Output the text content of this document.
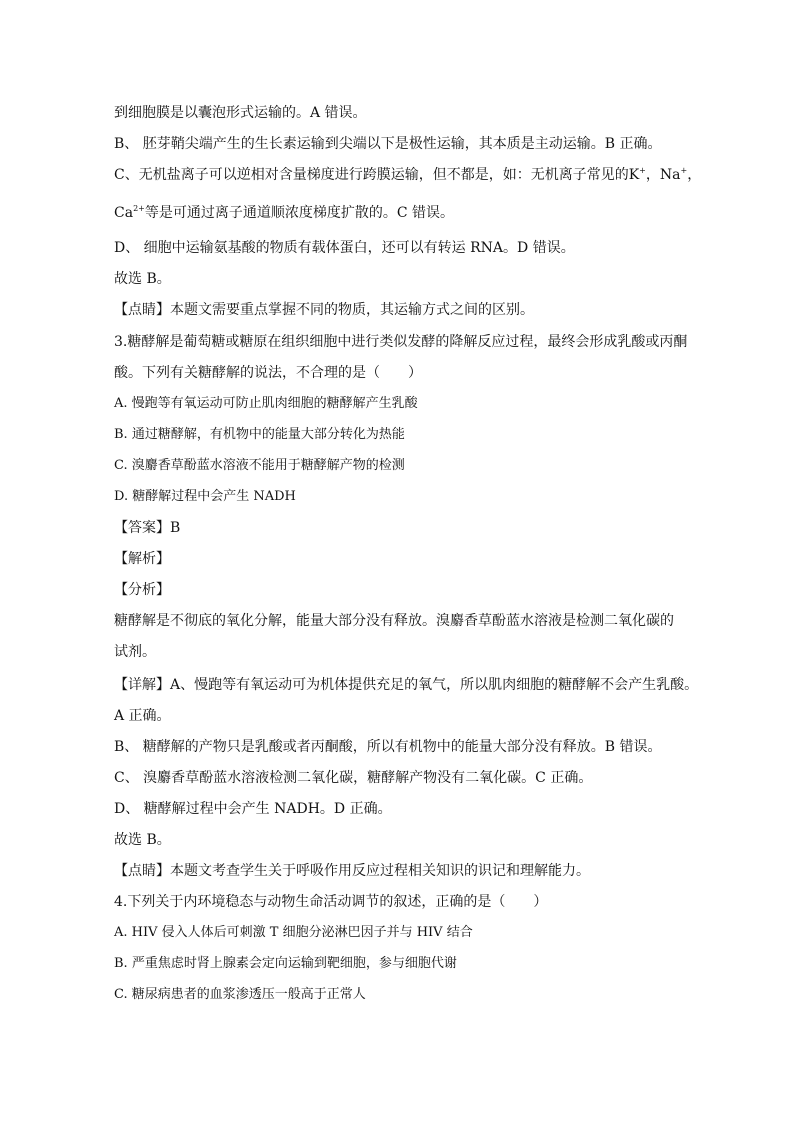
到细胞膜是以囊泡形式运输的。A 错误。
B、 胚芽鞘尖端产生的生长素运输到尖端以下是极性运输，其本质是主动运输。B 正确。
C、无机盐离子可以逆相对含量梯度进行跨膜运输，但不都是，如：无机离子常见的K+，Na+，
$Ca^{2+}$等是可通过离子通道顺浓度梯度扩散的。C 错误。
D、 细胞中运输氨基酸的物质有载体蛋白，还可以有转运 RNA。D 错误。
故选 B。
【点睛】本题文需要重点掌握不同的物质，其运输方式之间的区别。
3.糖酵解是葡萄糖或糖原在组织细胞中进行类似发酵的降解反应过程，最终会形成乳酸或丙酮
酸。下列有关糖酵解的说法，不合理的是（　　）
A. 慢跑等有氧运动可防止肌肉细胞的糖酵解产生乳酸
B. 通过糖酵解，有机物中的能量大部分转化为热能
C. 溴麝香草酚蓝水溶液不能用于糖酵解产物的检测
D. 糖酵解过程中会产生 NADH
【答案】B
【解析】
【分析】
糖酵解是不彻底的氧化分解，能量大部分没有释放。溴麝香草酚蓝水溶液是检测二氧化碳的
试剂。
【详解】A、慢跑等有氧运动可为机体提供充足的氧气，所以肌肉细胞的糖酵解不会产生乳酸。
A 正确。
B、 糖酵解的产物只是乳酸或者丙酮酸，所以有机物中的能量大部分没有释放。B 错误。
C、 溴麝香草酚蓝水溶液检测二氧化碳，糖酵解产物没有二氧化碳。C 正确。
D、 糖酵解过程中会产生 NADH。D 正确。
故选 B。
【点睛】本题文考查学生关于呼吸作用反应过程相关知识的识记和理解能力。
4.下列关于内环境稳态与动物生命活动调节的叙述，正确的是（　　）
A. HIV 侵入人体后可刺激 T 细胞分泌淋巴因子并与 HIV 结合
B. 严重焦虑时肾上腺素会定向运输到靶细胞，参与细胞代谢
C. 糖尿病患者的血浆渗透压一般高于正常人
